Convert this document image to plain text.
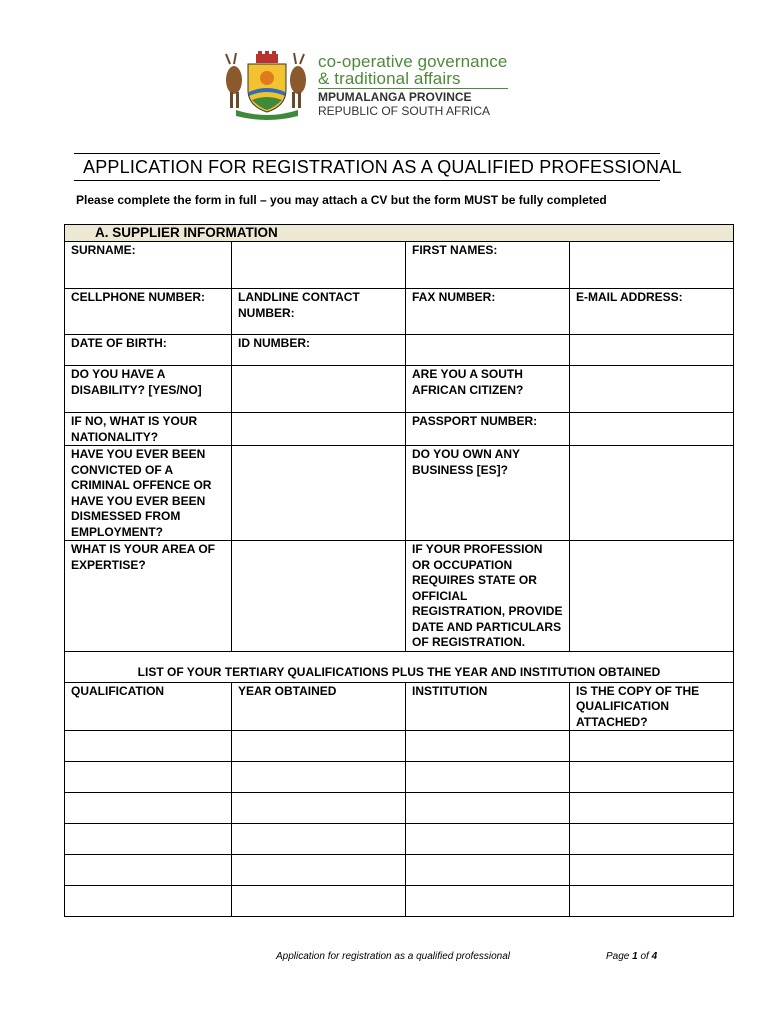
co-operative governance
& traditional affairs
MPUMALANGA PROVINCE
REPUBLIC OF SOUTH AFRICA
APPLICATION FOR REGISTRATION AS A QUALIFIED PROFESSIONAL
Please complete the form in full – you may attach a CV but the form MUST be fully completed
A. SUPPLIER INFORMATION			
SURNAME:		FIRST NAMES:	
CELLPHONE NUMBER:	LANDLINE CONTACT NUMBER:	FAX NUMBER:	E-MAIL ADDRESS:
DATE OF BIRTH:	ID NUMBER:		
DO YOU HAVE A DISABILITY? [YES/NO]		ARE YOU A SOUTH AFRICAN CITIZEN?	
IF NO, WHAT IS YOUR NATIONALITY?		PASSPORT NUMBER:	
HAVE YOU EVER BEEN CONVICTED OF A CRIMINAL OFFENCE OR HAVE YOU EVER BEEN DISMESSED FROM EMPLOYMENT?		DO YOU OWN ANY BUSINESS [ES]?	
WHAT IS YOUR AREA OF EXPERTISE?		IF YOUR PROFESSION OR OCCUPATION REQUIRES STATE OR OFFICIAL REGISTRATION, PROVIDE DATE AND PARTICULARS OF REGISTRATION.	
LIST OF YOUR TERTIARY QUALIFICATIONS PLUS THE YEAR AND INSTITUTION OBTAINED			
QUALIFICATION	YEAR OBTAINED	INSTITUTION	IS THE COPY OF THE QUALIFICATION ATTACHED?

Application for registration as a qualified professional	Page 1 of 4
